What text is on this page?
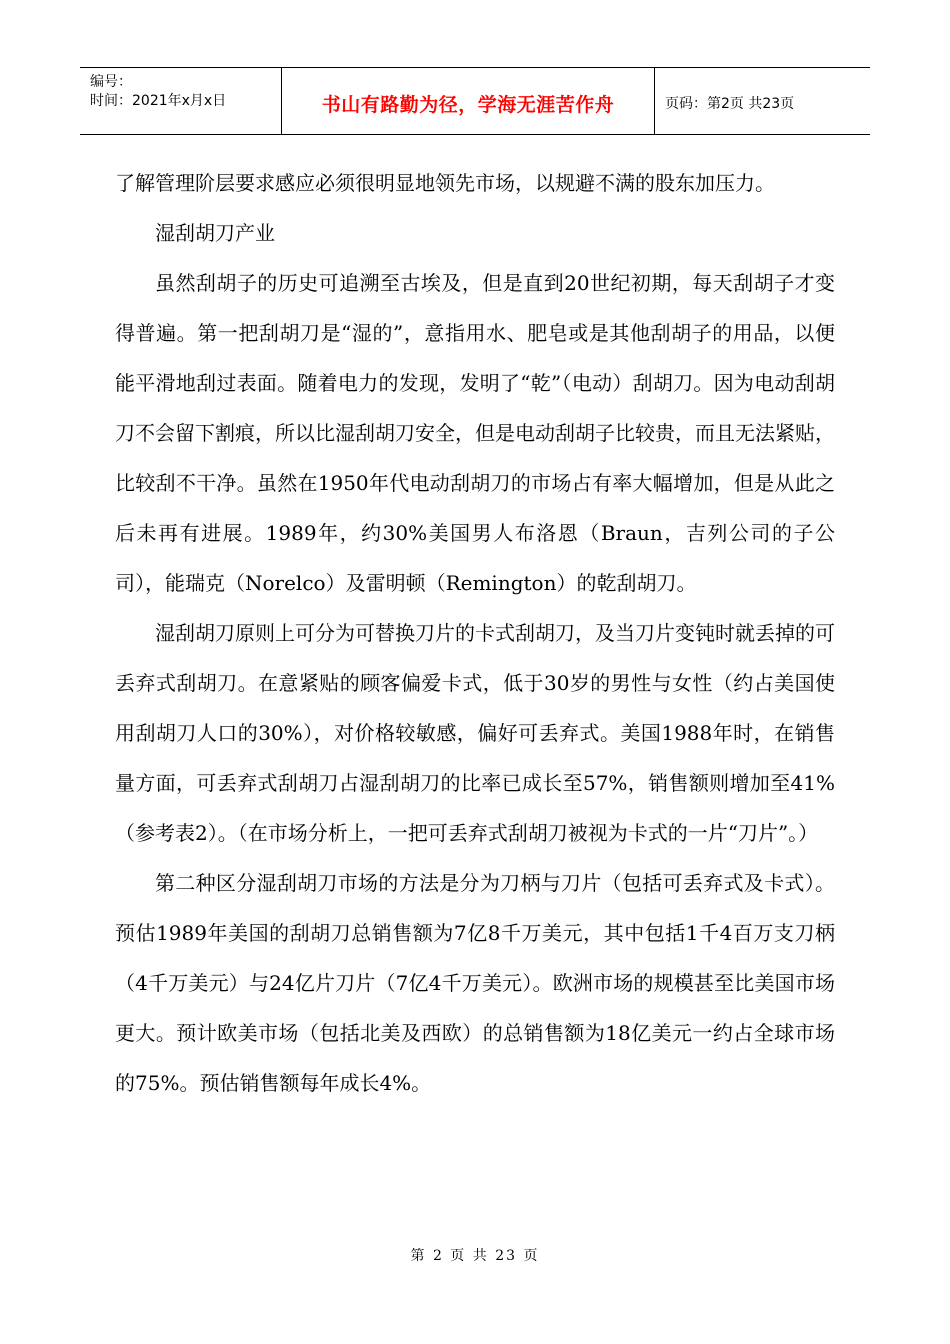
编号：
时间：2021年x月x日	书山有路勤为径，学海无涯苦作舟	页码：第2页 共23页

了解管理阶层要求感应必须很明显地领先市场，以规避不满的股东加压力。

湿刮胡刀产业

虽然刮胡子的历史可追溯至古埃及，但是直到20世纪初期，每天刮胡子才变得普遍。第一把刮胡刀是“湿的”，意指用水、肥皂或是其他刮胡子的用品，以便能平滑地刮过表面。随着电力的发现，发明了“乾”（电动）刮胡刀。因为电动刮胡刀不会留下割痕，所以比湿刮胡刀安全，但是电动刮胡子比较贵，而且无法紧贴，比较刮不干净。虽然在1950年代电动刮胡刀的市场占有率大幅增加，但是从此之后未再有进展。1989年，约30%美国男人布洛恩（Braun，吉列公司的子公司），能瑞克（Norelco）及雷明顿（Remington）的乾刮胡刀。

湿刮胡刀原则上可分为可替换刀片的卡式刮胡刀，及当刀片变钝时就丢掉的可丢弃式刮胡刀。在意紧贴的顾客偏爱卡式，低于30岁的男性与女性（约占美国使用刮胡刀人口的30%），对价格较敏感，偏好可丢弃式。美国1988年时，在销售量方面，可丢弃式刮胡刀占湿刮胡刀的比率已成长至57%，销售额则增加至41%（参考表2）。（在市场分析上，一把可丢弃式刮胡刀被视为卡式的一片“刀片”。）

第二种区分湿刮胡刀市场的方法是分为刀柄与刀片（包括可丢弃式及卡式）。预估1989年美国的刮胡刀总销售额为7亿8千万美元，其中包括1千4百万支刀柄（4千万美元）与24亿片刀片（7亿4千万美元）。欧洲市场的规模甚至比美国市场更大。预计欧美市场（包括北美及西欧）的总销售额为18亿美元一约占全球市场的75%。预估销售额每年成长4%。

第 2 页 共 23 页
